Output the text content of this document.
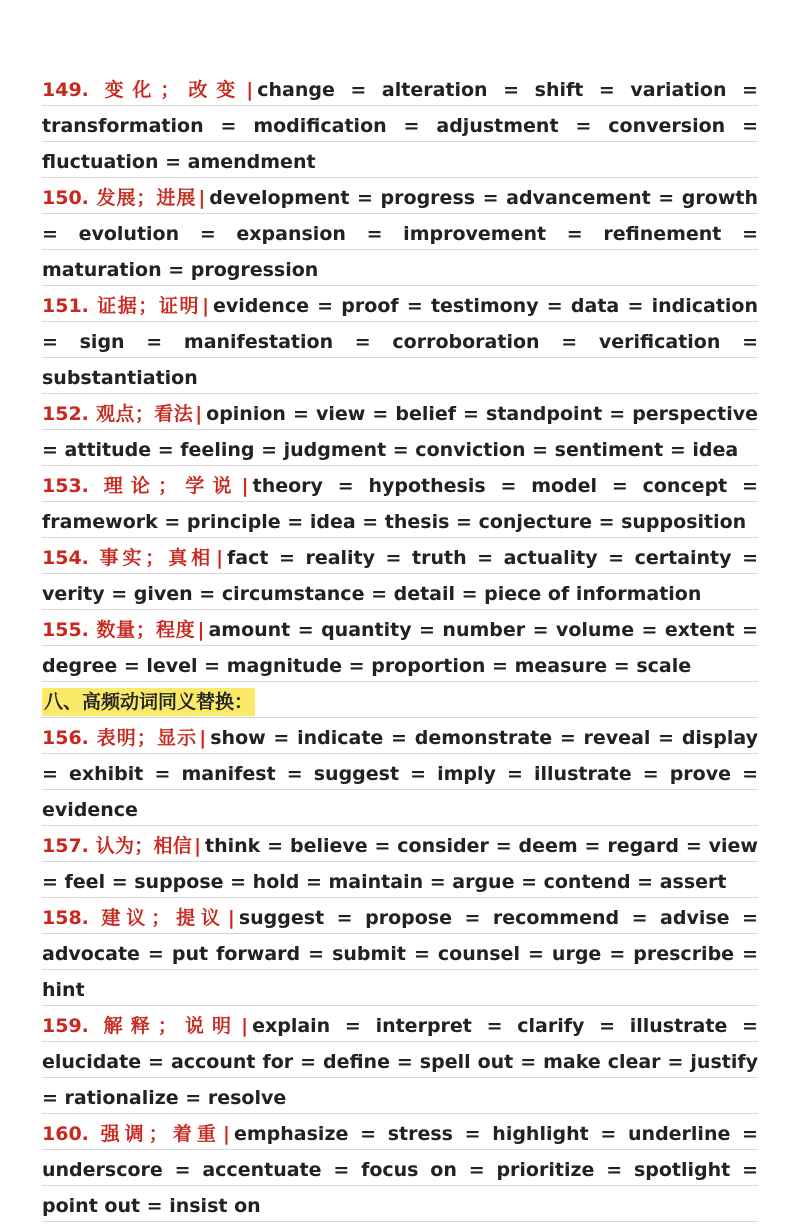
149. 变化；改变 | change = alteration = shift = variation = transformation = modification = adjustment = conversion = fluctuation = amendment

150. 发展；进展 | development = progress = advancement = growth = evolution = expansion = improvement = refinement = maturation = progression

151. 证据；证明 | evidence = proof = testimony = data = indication = sign = manifestation = corroboration = verification = substantiation

152. 观点；看法 | opinion = view = belief = standpoint = perspective = attitude = feeling = judgment = conviction = sentiment = idea

153. 理论；学说 | theory = hypothesis = model = concept = framework = principle = idea = thesis = conjecture = supposition

154. 事实；真相 | fact = reality = truth = actuality = certainty = verity = given = circumstance = detail = piece of information

155. 数量；程度 | amount = quantity = number = volume = extent = degree = level = magnitude = proportion = measure = scale

八、高频动词同义替换：

156. 表明；显示 | show = indicate = demonstrate = reveal = display = exhibit = manifest = suggest = imply = illustrate = prove = evidence

157. 认为；相信 | think = believe = consider = deem = regard = view = feel = suppose = hold = maintain = argue = contend = assert

158. 建议；提议 | suggest = propose = recommend = advise = advocate = put forward = submit = counsel = urge = prescribe = hint

159. 解释；说明 | explain = interpret = clarify = illustrate = elucidate = account for = define = spell out = make clear = justify = rationalize = resolve

160. 强调；着重 | emphasize = stress = highlight = underline = underscore = accentuate = focus on = prioritize = spotlight = point out = insist on
